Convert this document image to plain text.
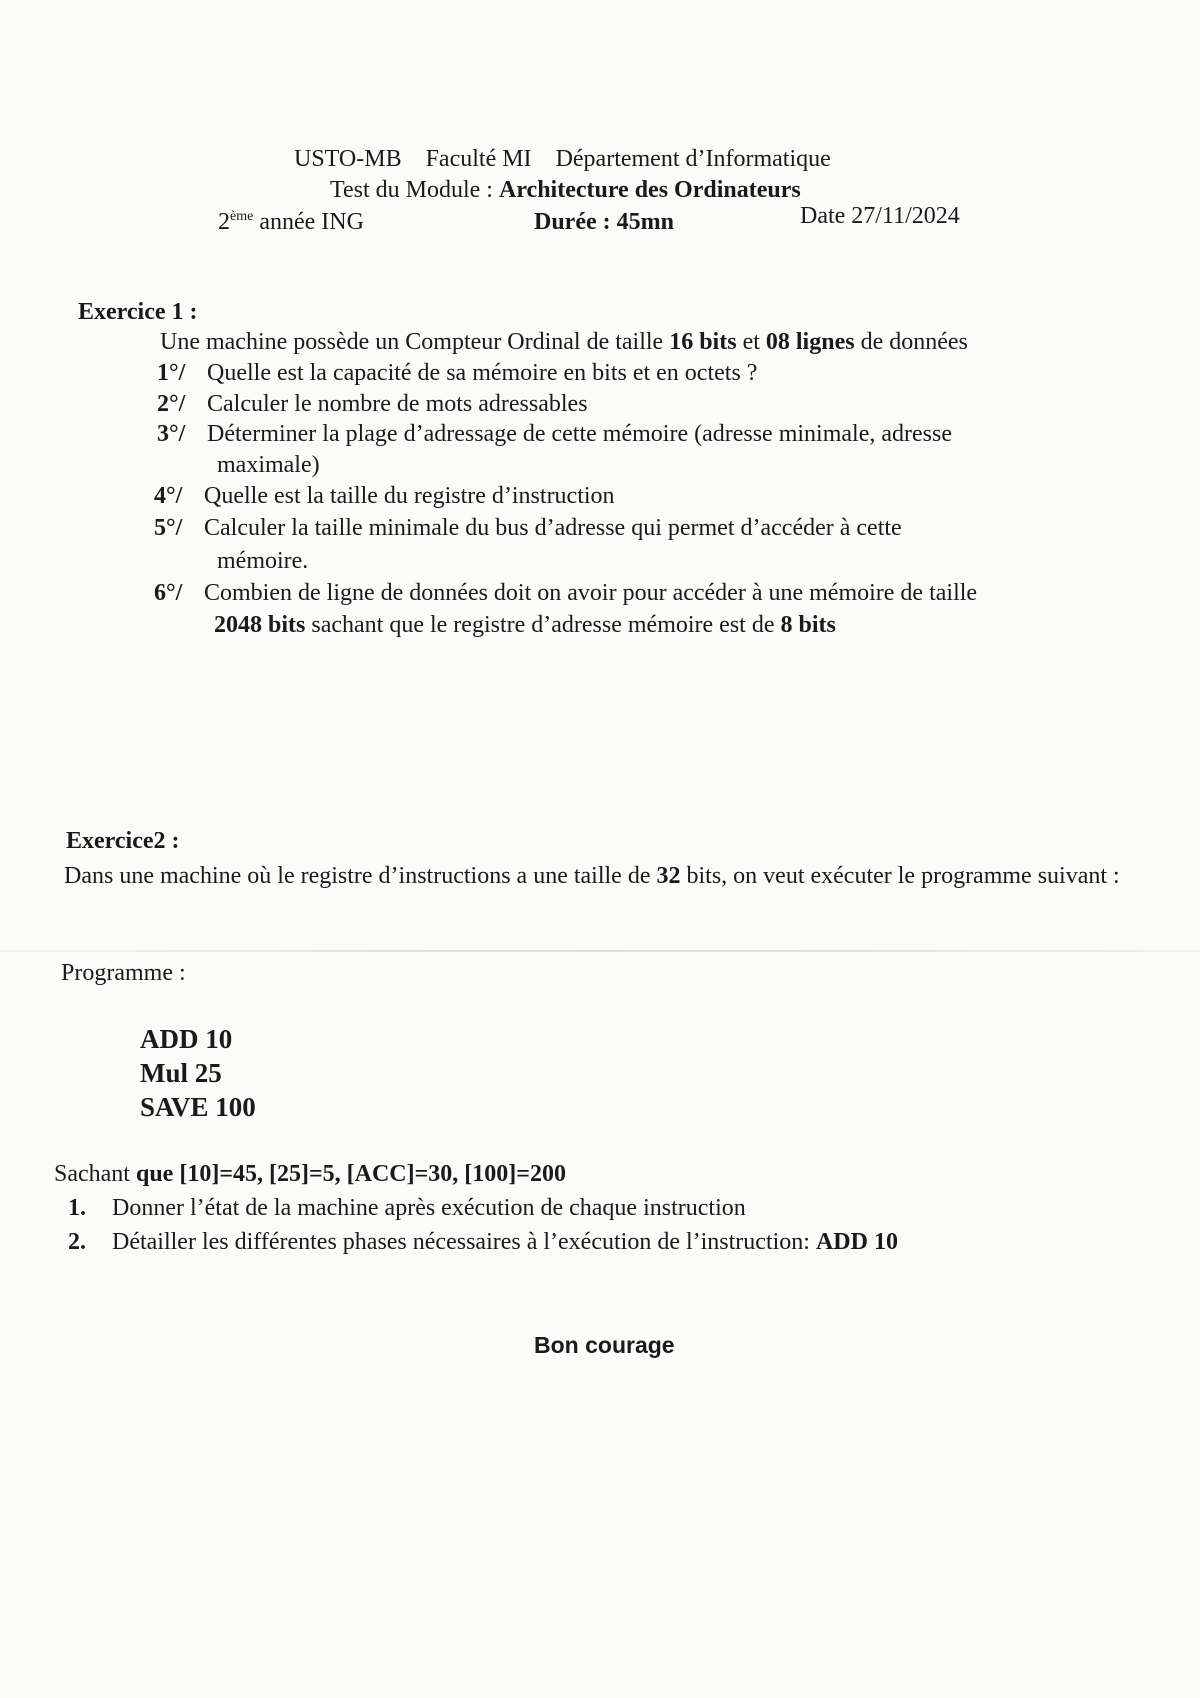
USTO-MB Faculté MI Département d’Informatique
Test du Module : Architecture des Ordinateurs
2ème année ING	Durée : 45mn	Date 27/11/2024
Exercice 1 :
Une machine possède un Compteur Ordinal de taille 16 bits et 08 lignes de données
1°/ Quelle est la capacité de sa mémoire en bits et en octets ?
2°/ Calculer le nombre de mots adressables
3°/ Déterminer la plage d’adressage de cette mémoire (adresse minimale, adresse
maximale)
4°/ Quelle est la taille du registre d’instruction
5°/ Calculer la taille minimale du bus d’adresse qui permet d’accéder à cette
mémoire.
6°/ Combien de ligne de données doit on avoir pour accéder à une mémoire de taille
2048 bits sachant que le registre d’adresse mémoire est de 8 bits
Exercice2 :
Dans une machine où le registre d’instructions a une taille de 32 bits, on veut exécuter le programme suivant :
Programme :
ADD 10
Mul 25
SAVE 100
Sachant que [10]=45, [25]=5, [ACC]=30, [100]=200
1. Donner l’état de la machine après exécution de chaque instruction
2. Détailler les différentes phases nécessaires à l’exécution de l’instruction: ADD 10
Bon courage
